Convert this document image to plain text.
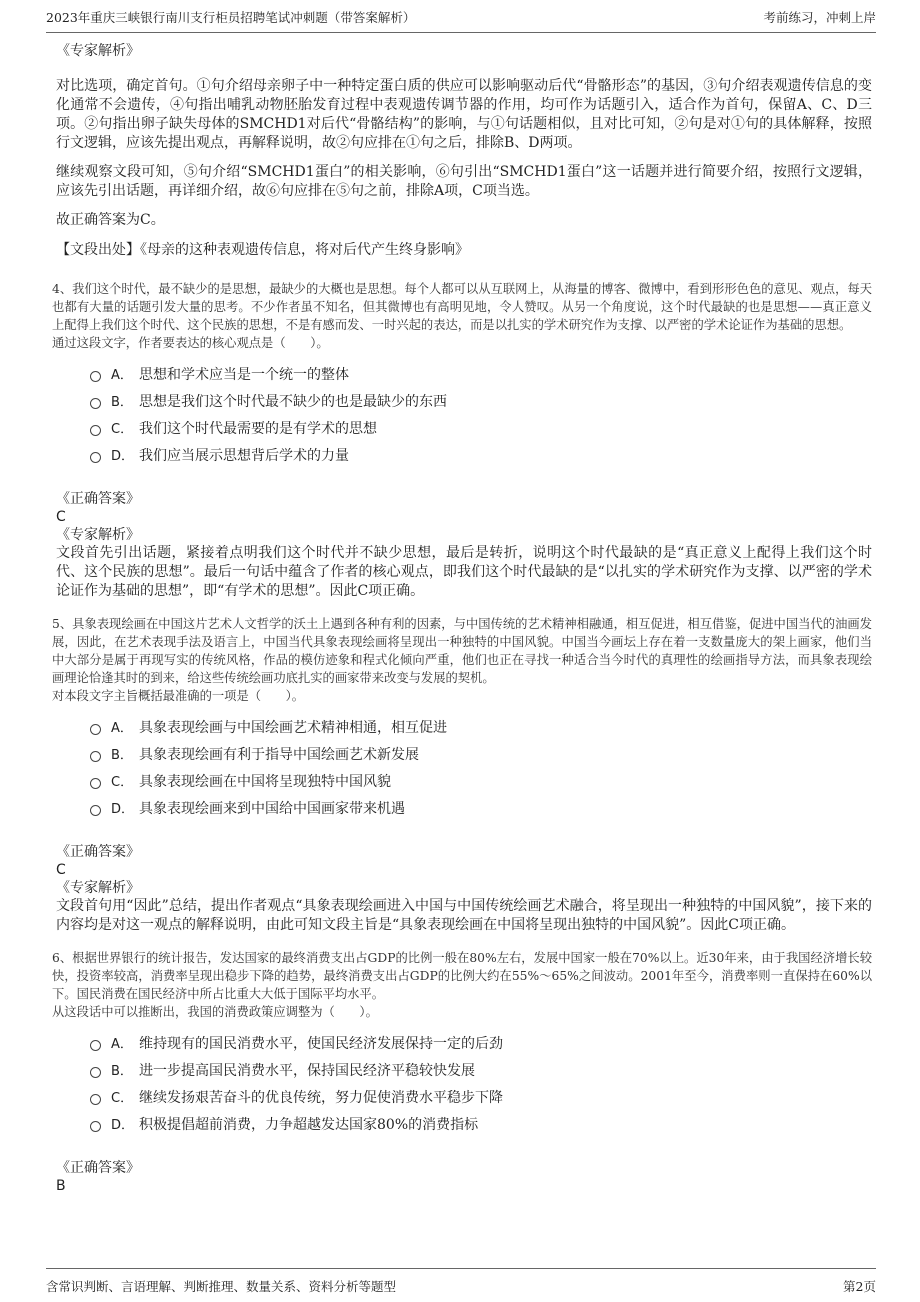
2023年重庆三峡银行南川支行柜员招聘笔试冲刺题（带答案解析）	考前练习，冲刺上岸
《专家解析》

对比选项，确定首句。①句介绍母亲卵子中一种特定蛋白质的供应可以影响驱动后代“骨骼形态”的基因，③句介绍表观遗传信息的变化通常不会遗传，④句指出哺乳动物胚胎发育过程中表观遗传调节器的作用，均可作为话题引入，适合作为首句，保留A、C、D三项。②句指出卵子缺失母体的SMCHD1对后代“骨骼结构”的影响，与①句话题相似，且对比可知，②句是对①句的具体解释，按照行文逻辑，应该先提出观点，再解释说明，故②句应排在①句之后，排除B、D两项。

继续观察文段可知，⑤句介绍“SMCHD1蛋白”的相关影响，⑥句引出“SMCHD1蛋白”这一话题并进行简要介绍，按照行文逻辑，应该先引出话题，再详细介绍，故⑥句应排在⑤句之前，排除A项，C项当选。

故正确答案为C。

【文段出处】《母亲的这种表观遗传信息，将对后代产生终身影响》

4、我们这个时代，最不缺少的是思想，最缺少的大概也是思想。每个人都可以从互联网上，从海量的博客、微博中，看到形形色色的意见、观点，每天也都有大量的话题引发大量的思考。不少作者虽不知名，但其微博也有高明见地，令人赞叹。从另一个角度说，这个时代最缺的也是思想——真正意义上配得上我们这个时代、这个民族的思想，不是有感而发、一时兴起的表达，而是以扎实的学术研究作为支撑、以严密的学术论证作为基础的思想。

通过这段文字，作者要表达的核心观点是（　　）。

A． 思想和学术应当是一个统一的整体
B． 思想是我们这个时代最不缺少的也是最缺少的东西
C． 我们这个时代最需要的是有学术的思想
D． 我们应当展示思想背后学术的力量
《正确答案》
C
《专家解析》

文段首先引出话题，紧接着点明我们这个时代并不缺少思想，最后是转折，说明这个时代最缺的是“真正意义上配得上我们这个时代、这个民族的思想”。最后一句话中蕴含了作者的核心观点，即我们这个时代最缺的是“以扎实的学术研究作为支撑、以严密的学术论证作为基础的思想”，即“有学术的思想”。因此C项正确。

5、具象表现绘画在中国这片艺术人文哲学的沃土上遇到各种有利的因素，与中国传统的艺术精神相融通，相互促进，相互借鉴，促进中国当代的油画发展，因此，在艺术表现手法及语言上，中国当代具象表现绘画将呈现出一种独特的中国风貌。中国当今画坛上存在着一支数量庞大的架上画家，他们当中大部分是属于再现写实的传统风格，作品的模仿迹象和程式化倾向严重，他们也正在寻找一种适合当今时代的真理性的绘画指导方法，而具象表现绘画理论恰逢其时的到来，给这些传统绘画功底扎实的画家带来改变与发展的契机。

对本段文字主旨概括最准确的一项是（　　）。

A． 具象表现绘画与中国绘画艺术精神相通，相互促进
B． 具象表现绘画有利于指导中国绘画艺术新发展
C． 具象表现绘画在中国将呈现独特中国风貌
D． 具象表现绘画来到中国给中国画家带来机遇
《正确答案》
C
《专家解析》

文段首句用“因此”总结，提出作者观点“具象表现绘画进入中国与中国传统绘画艺术融合，将呈现出一种独特的中国风貌”，接下来的内容均是对这一观点的解释说明，由此可知文段主旨是“具象表现绘画在中国将呈现出独特的中国风貌”。因此C项正确。

6、根据世界银行的统计报告，发达国家的最终消费支出占GDP的比例一般在80%左右，发展中国家一般在70%以上。近30年来，由于我国经济增长较快，投资率较高，消费率呈现出稳步下降的趋势，最终消费支出占GDP的比例大约在55%～65%之间波动。2001年至今，消费率则一直保持在60%以下。国民消费在国民经济中所占比重大大低于国际平均水平。

从这段话中可以推断出，我国的消费政策应调整为（　　）。

A． 维持现有的国民消费水平，使国民经济发展保持一定的后劲
B． 进一步提高国民消费水平，保持国民经济平稳较快发展
C． 继续发扬艰苦奋斗的优良传统，努力促使消费水平稳步下降
D． 积极提倡超前消费，力争超越发达国家80%的消费指标
《正确答案》
B
含常识判断、言语理解、判断推理、数量关系、资料分析等题型	第2页
